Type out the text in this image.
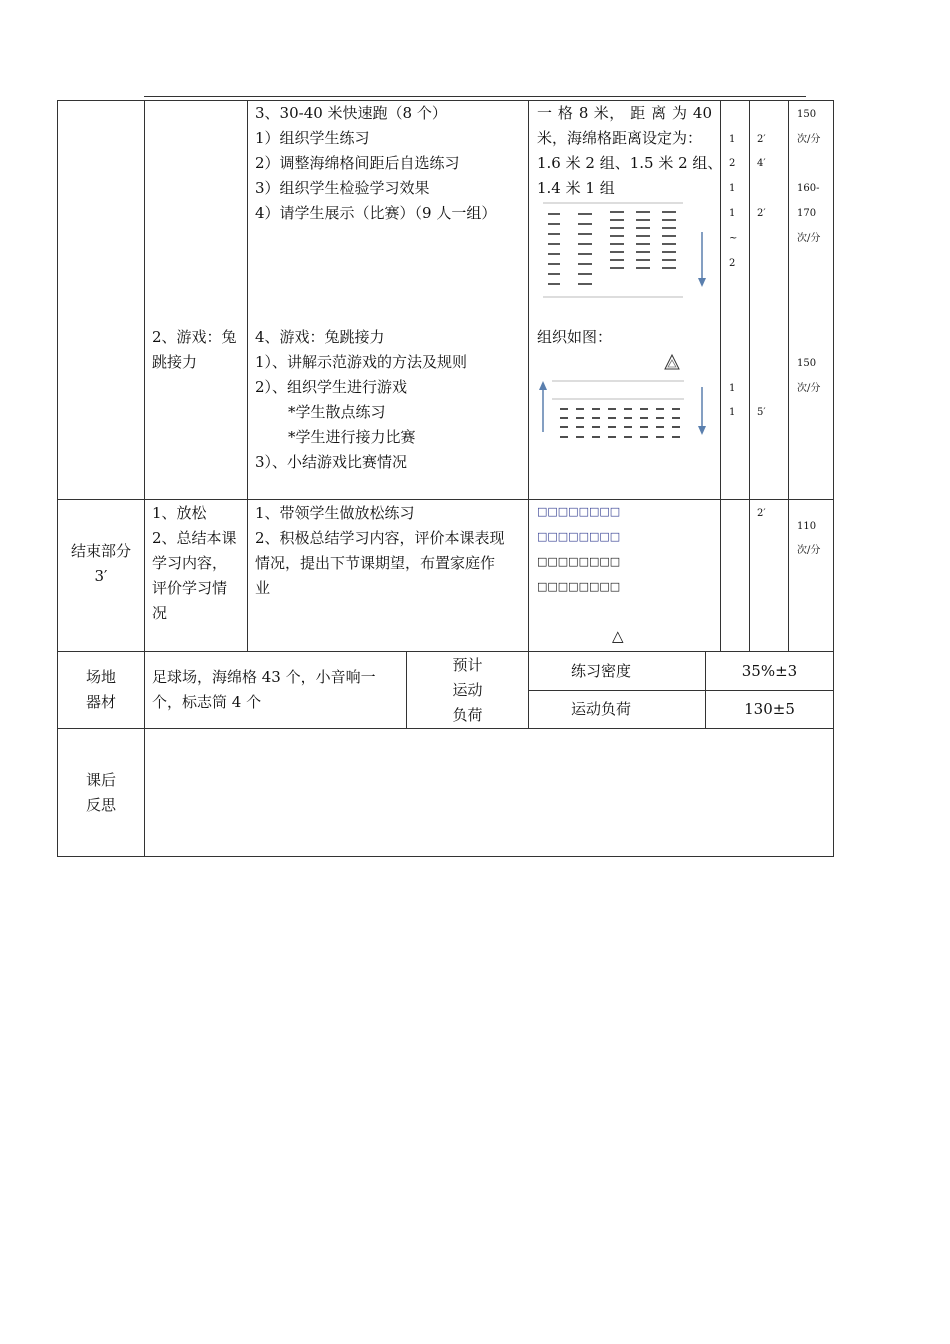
3、30-40 米快速跑（8 个）
1）组织学生练习
2）调整海绵格间距后自选练习
3）组织学生检验学习效果
4）请学生展示（比赛）（9 人一组）
一 格 8 米， 距 离 为 40
米，海绵格距离设定为：
1.6 米 2 组、1.5 米 2 组、
1.4 米 1 组
1
2
1
1
~
2
2′
4′
2′
150
次/分
160-
170
次/分
2、游戏：兔
跳接力
4、游戏：兔跳接力
1）、讲解示范游戏的方法及规则
2）、组织学生进行游戏
*学生散点练习
*学生进行接力比赛
3）、小结游戏比赛情况
组织如图：
1
1 5′
150
次/分
结束部分
3′
1、放松
2、总结本课
学习内容，
评价学习情
况
1、带领学生做放松练习
2、积极总结学习内容，评价本课表现
情况，提出下节课期望，布置家庭作
业
□□□□□□□□
□□□□□□□□
□□□□□□□□
□□□□□□□□
△
2′
110
次/分
场地
器材
足球场，海绵格 43 个，小音响一个，标志筒 4 个
预计
运动
负荷
练习密度	35%±3
运动负荷	130±5
课后
反思
